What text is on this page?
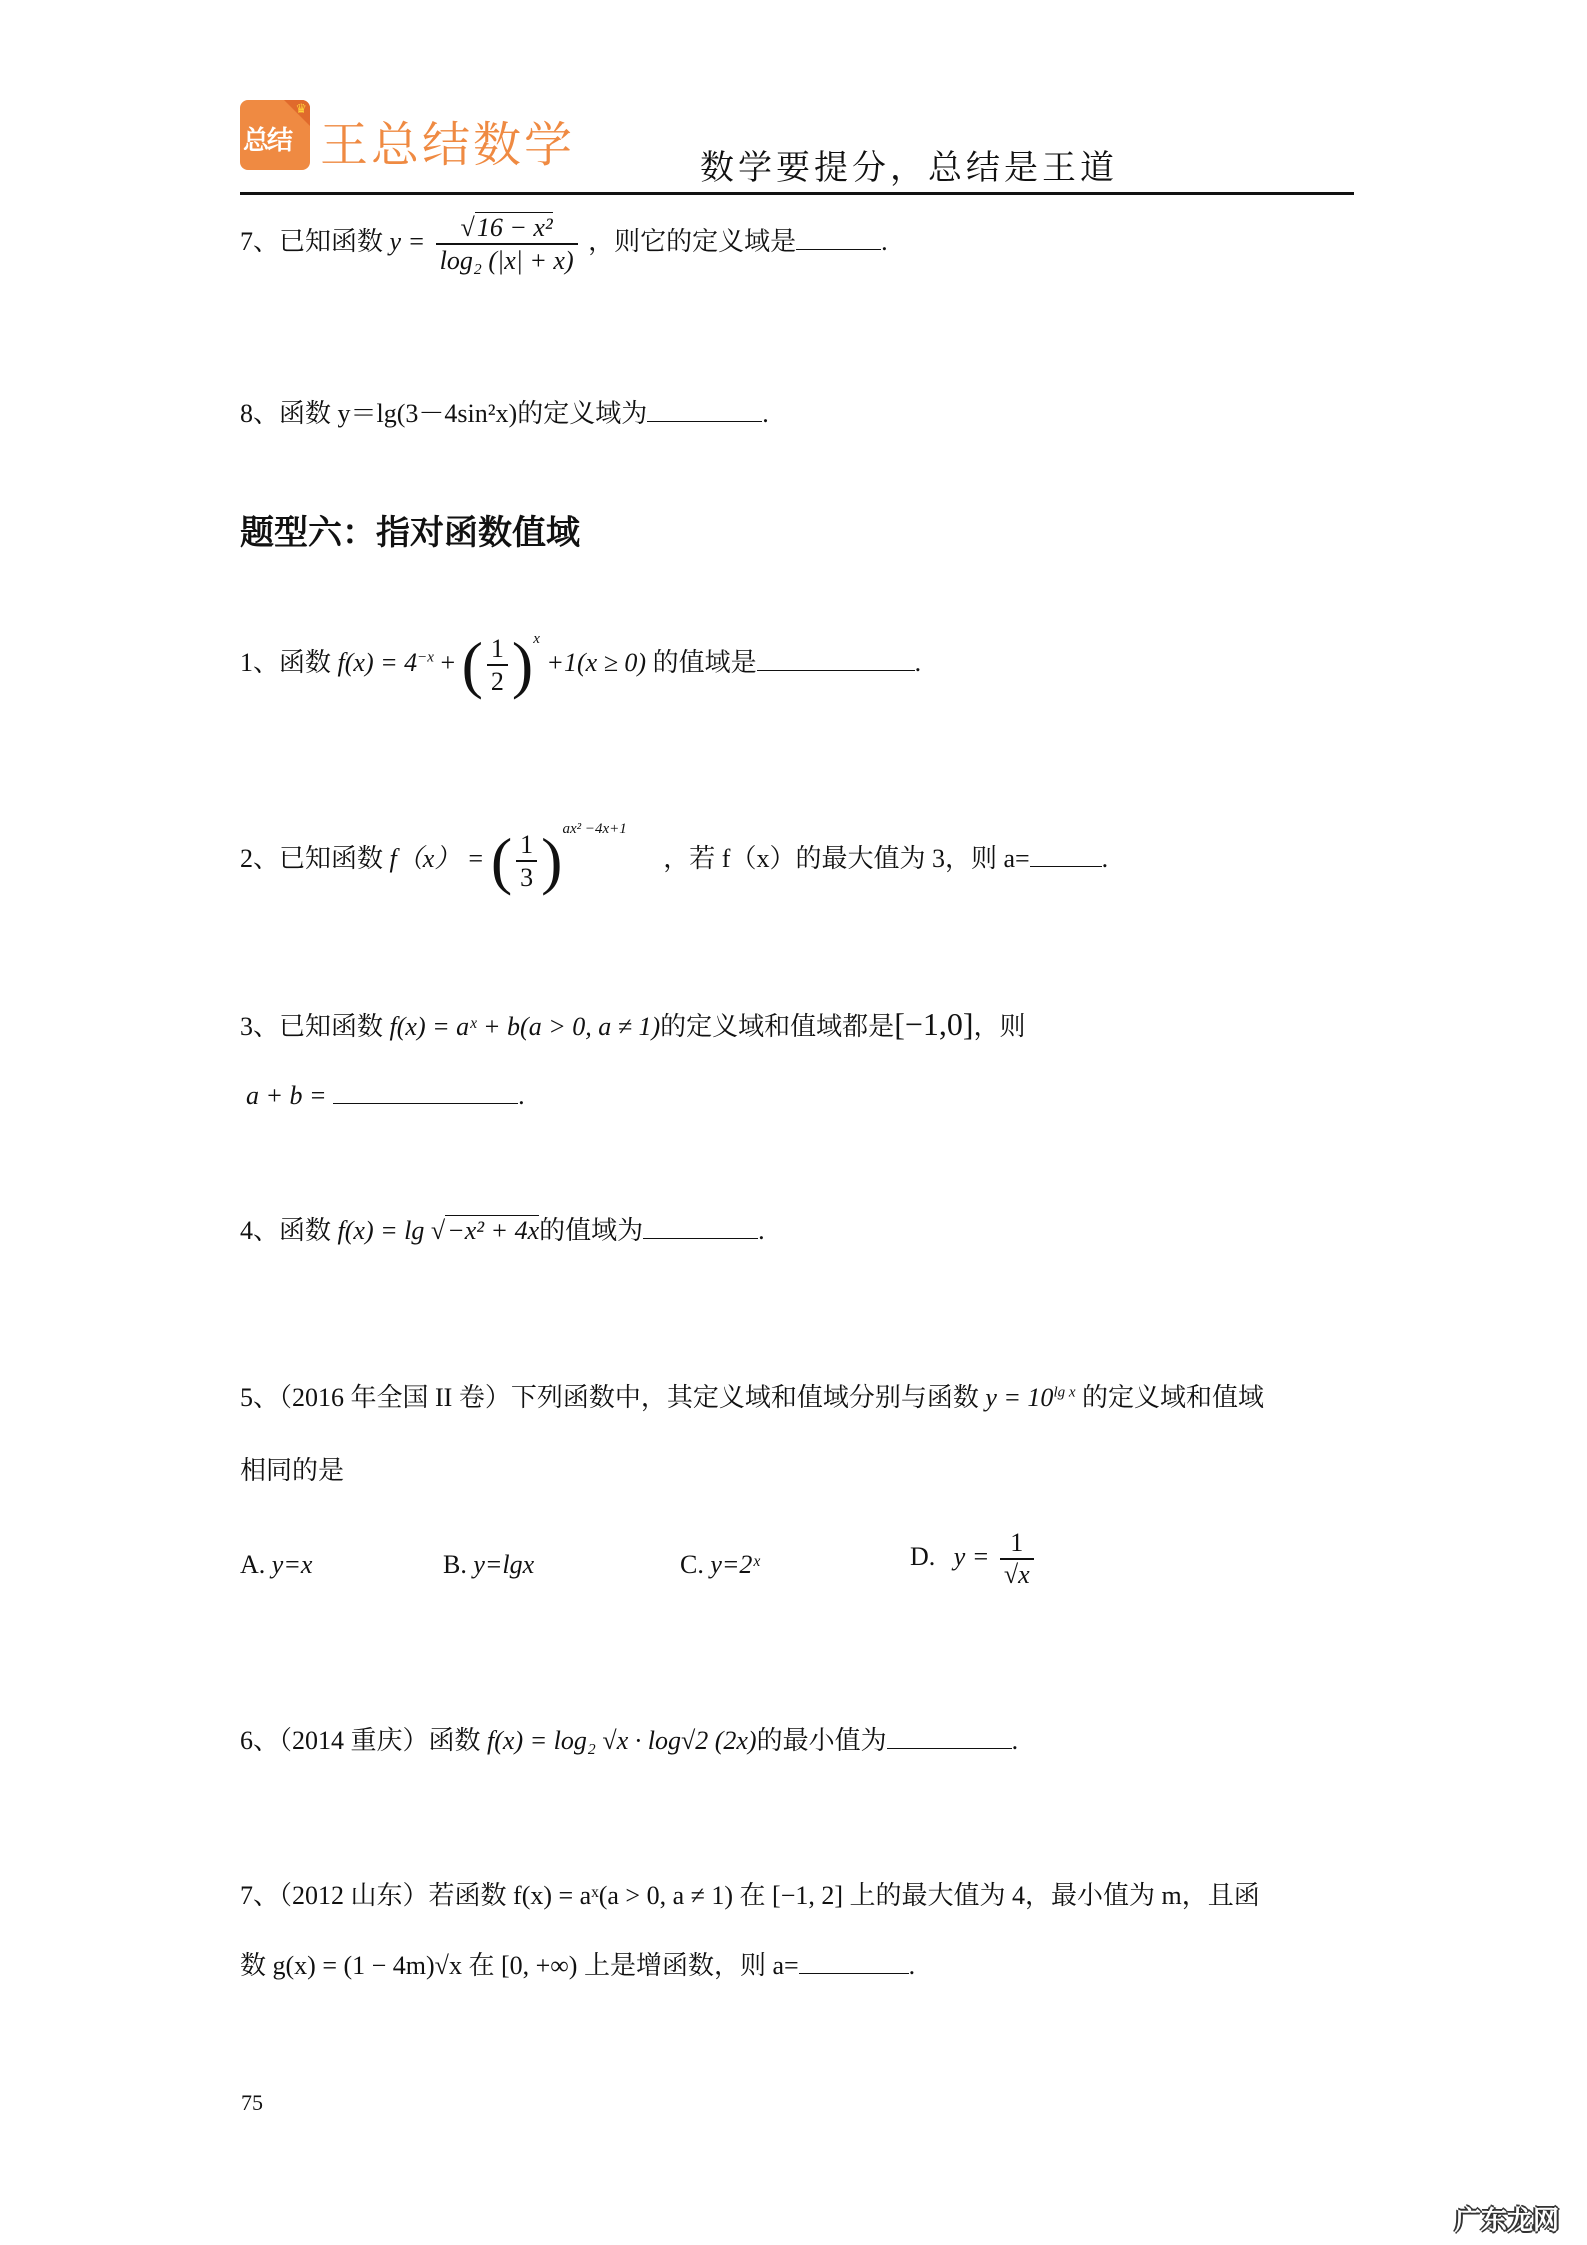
♛
总结 王总结数学	数学要提分，总结是王道
7、已知函数 $y = \frac{\text{√16 − x²}}{\text{log₂ (|x| + x)}}$ ，则它的定义域是	.
8、函数 y＝lg(3－4sin²x)的定义域为	.
题型六：指对函数值域
1、函数 $f(x) = 4^{-x}$ + ( $\frac{1}{2} )^x +1(x \ge 0)$ 的值域是	.
2、已知函数 f（x） = ( $\frac{1}{3} )^{ax^2 -4x+1}$ ，若 f（x）的最大值为 3，则 a=	.
3、已知函数 f(x) = aˣ + b(a > 0, a ≠ 1)的定义域和值域都是[−1,0]，则
a + b =	.
4、函数 f(x) = lg √−x² + 4x的值域为	.
5、（2016 年全国 II 卷）下列函数中，其定义域和值域分别与函数 $y = 10^{lg x}$ 的定义域和值域
相同的是
A. y=x	B. y=lgx	C. y=2ˣ	D. $y = \frac{1}{√x}$
6、（2014 重庆）函数 f(x) = log₂ √x · log√2 (2x)的最小值为	.
7、（2012 山东）若函数 f(x) = aˣ(a > 0, a ≠ 1) 在 [−1, 2] 上的最大值为 4，最小值为 m，且函
数 g(x) = (1 − 4m)√x 在 [0, +∞) 上是增函数，则 a=	.
75
广东龙网
